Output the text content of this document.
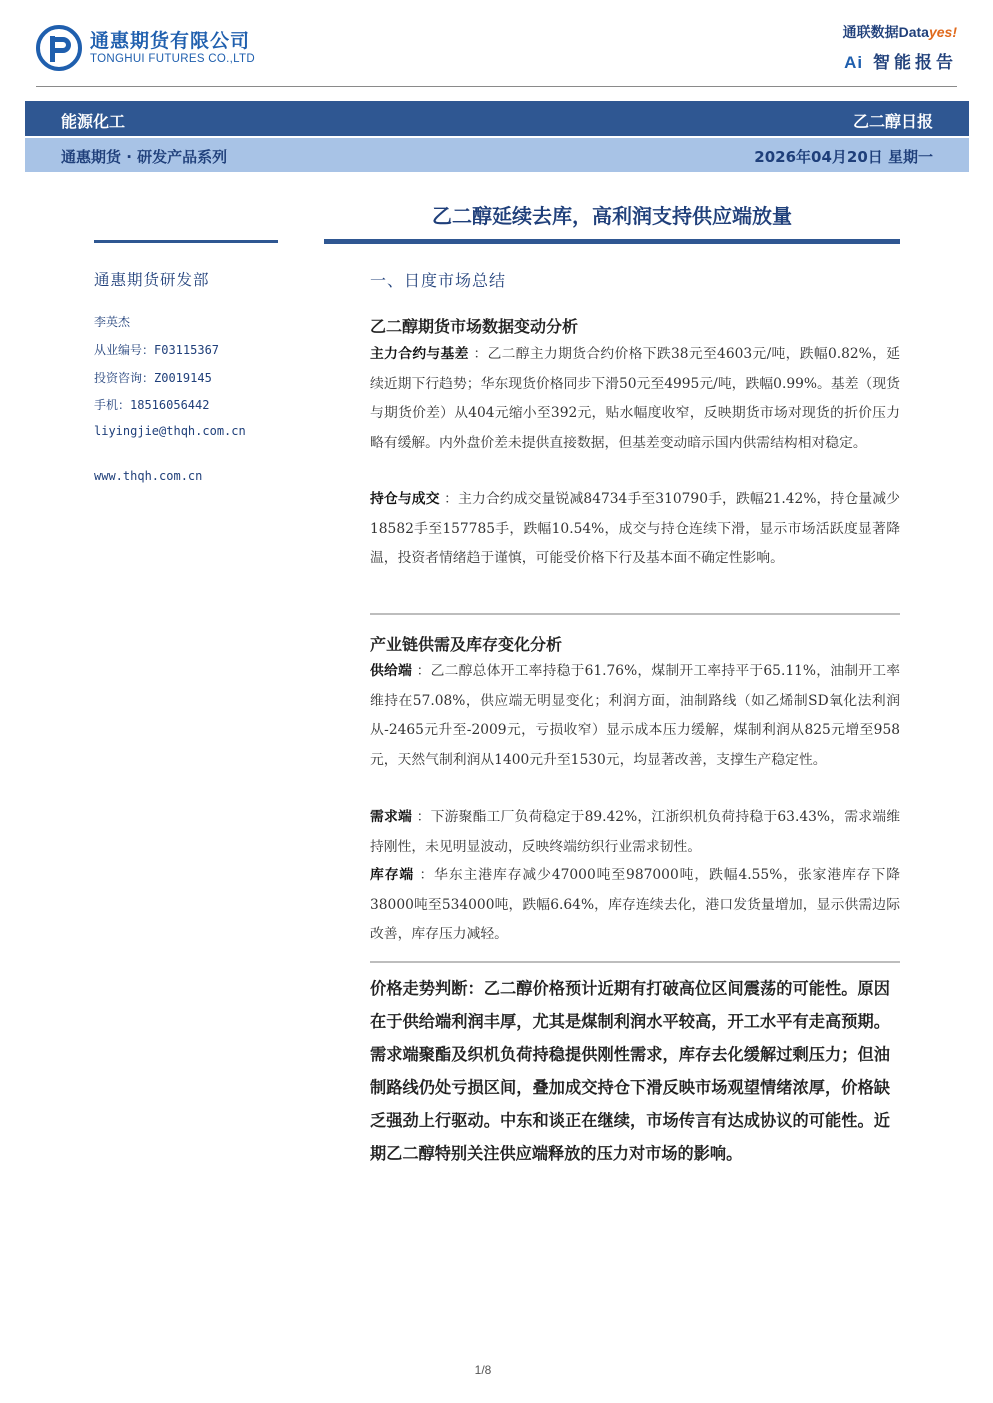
通惠期货有限公司
TONGHUI FUTURES CO.,LTD
通联数据Datayes!
Ai 智能报告
能源化工	乙二醇日报
通惠期货 · 研发产品系列	2026年04月20日 星期一
乙二醇延续去库，高利润支持供应端放量
通惠期货研发部
李英杰
从业编号：F03115367
投资咨询：Z0019145
手机：18516056442
liyingjie@thqh.com.cn
www.thqh.com.cn
一、日度市场总结
乙二醇期货市场数据变动分析
主力合约与基差 ：乙二醇主力期货合约价格下跌38元至4603元/吨，跌幅0.82%，延续近期下行趋势；华东现货价格同步下滑50元至4995元/吨，跌幅0.99%。基差（现货与期货价差）从404元缩小至392元，贴水幅度收窄，反映期货市场对现货的折价压力略有缓解。内外盘价差未提供直接数据，但基差变动暗示国内供需结构相对稳定。
持仓与成交 ：主力合约成交量锐减84734手至310790手，跌幅21.42%，持仓量减少18582手至157785手，跌幅10.54%，成交与持仓连续下滑，显示市场活跃度显著降温，投资者情绪趋于谨慎，可能受价格下行及基本面不确定性影响。
产业链供需及库存变化分析
供给端 ：乙二醇总体开工率持稳于61.76%，煤制开工率持平于65.11%，油制开工率维持在57.08%，供应端无明显变化；利润方面，油制路线（如乙烯制SD氧化法利润从-2465元升至-2009元，亏损收窄）显示成本压力缓解，煤制利润从825元增至958元，天然气制利润从1400元升至1530元，均显著改善，支撑生产稳定性。
需求端 ：下游聚酯工厂负荷稳定于89.42%，江浙织机负荷持稳于63.43%，需求端维持刚性，未见明显波动，反映终端纺织行业需求韧性。
库存端 ：华东主港库存减少47000吨至987000吨，跌幅4.55%，张家港库存下降38000吨至534000吨，跌幅6.64%，库存连续去化，港口发货量增加，显示供需边际改善，库存压力减轻。
价格走势判断：乙二醇价格预计近期有打破高位区间震荡的可能性。原因在于供给端利润丰厚，尤其是煤制利润水平较高，开工水平有走高预期。需求端聚酯及织机负荷持稳提供刚性需求，库存去化缓解过剩压力；但油制路线仍处亏损区间，叠加成交持仓下滑反映市场观望情绪浓厚，价格缺乏强劲上行驱动。中东和谈正在继续，市场传言有达成协议的可能性。近期乙二醇特别关注供应端释放的压力对市场的影响。
1/8
